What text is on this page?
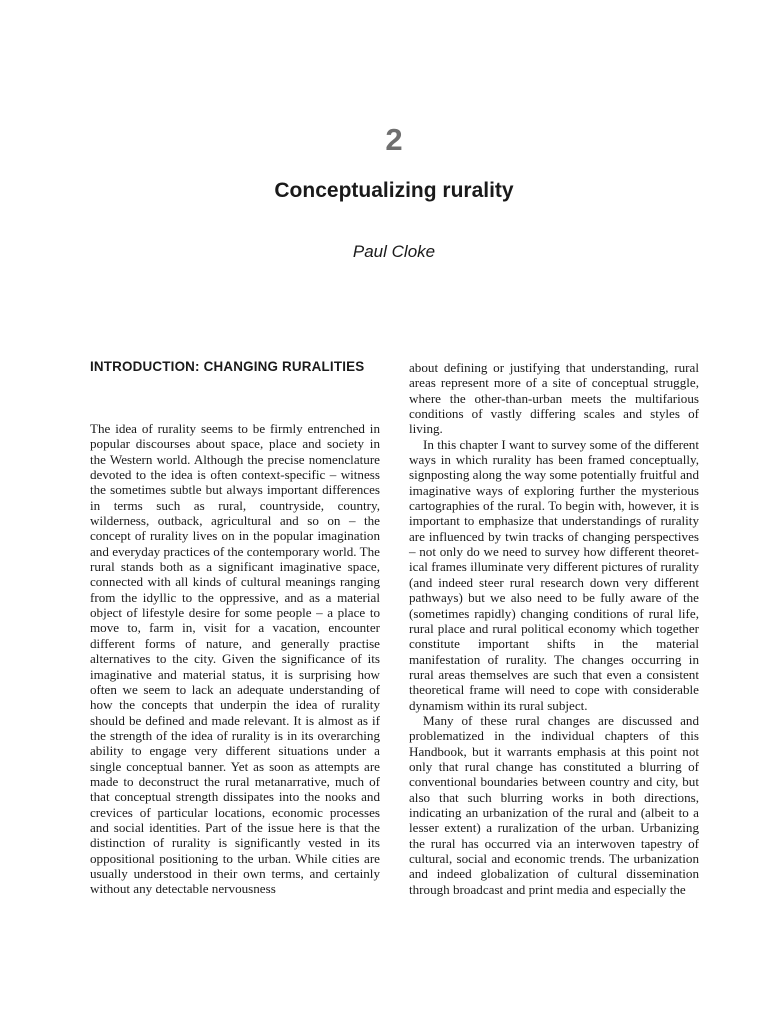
2
Conceptualizing rurality
Paul Cloke
INTRODUCTION: CHANGING RURALITIES

The idea of rurality seems to be firmly entrenched in popular discourses about space, place and society in the Western world. Although the precise nomenclature devoted to the idea is often context-specific – witness the sometimes subtle but always important differences in terms such as rural, countryside, country, wilderness, outback, agricultural and so on – the concept of rurality lives on in the popular imagination and everyday practices of the contemporary world. The rural stands both as a significant imaginative space, connected with all kinds of cultural meanings ranging from the idyllic to the oppressive, and as a material object of lifestyle desire for some people – a place to move to, farm in, visit for a vacation, encounter different forms of nature, and generally practise alternatives to the city. Given the significance of its imaginative and material status, it is surprising how often we seem to lack an adequate understanding of how the concepts that underpin the idea of rurality should be defined and made relevant. It is almost as if the strength of the idea of rurality is in its overarching ability to engage very different situations under a single conceptual banner. Yet as soon as attempts are made to deconstruct the rural metanarrative, much of that conceptual strength dissipates into the nooks and crevices of particular locations, economic processes and social identities. Part of the issue here is that the distinction of rurality is significantly vested in its oppositional positioning to the urban. While cities are usually understood in their own terms, and certainly without any detectable nervousness

about defining or justifying that understanding, rural areas represent more of a site of conceptual struggle, where the other-than-urban meets the multifarious conditions of vastly differing scales and styles of living.

In this chapter I want to survey some of the different ways in which rurality has been framed conceptually, signposting along the way some potentially fruitful and imaginative ways of exploring further the mysterious cartographies of the rural. To begin with, however, it is important to emphasize that understandings of rurality are influenced by twin tracks of changing perspectives – not only do we need to survey how different theoretical frames illuminate very different pictures of rurality (and indeed steer rural research down very different pathways) but we also need to be fully aware of the (sometimes rapidly) changing conditions of rural life, rural place and rural political economy which together constitute important shifts in the material manifestation of rurality. The changes occurring in rural areas themselves are such that even a consistent theoretical frame will need to cope with considerable dynamism within its rural subject.

Many of these rural changes are discussed and problematized in the individual chapters of this Handbook, but it warrants emphasis at this point not only that rural change has constituted a blurring of conventional boundaries between country and city, but also that such blurring works in both directions, indicating an urbanization of the rural and (albeit to a lesser extent) a ruralization of the urban. Urbanizing the rural has occurred via an interwoven tapestry of cultural, social and economic trends. The urbanization and indeed globalization of cultural dissemination through broadcast and print media and especially the
